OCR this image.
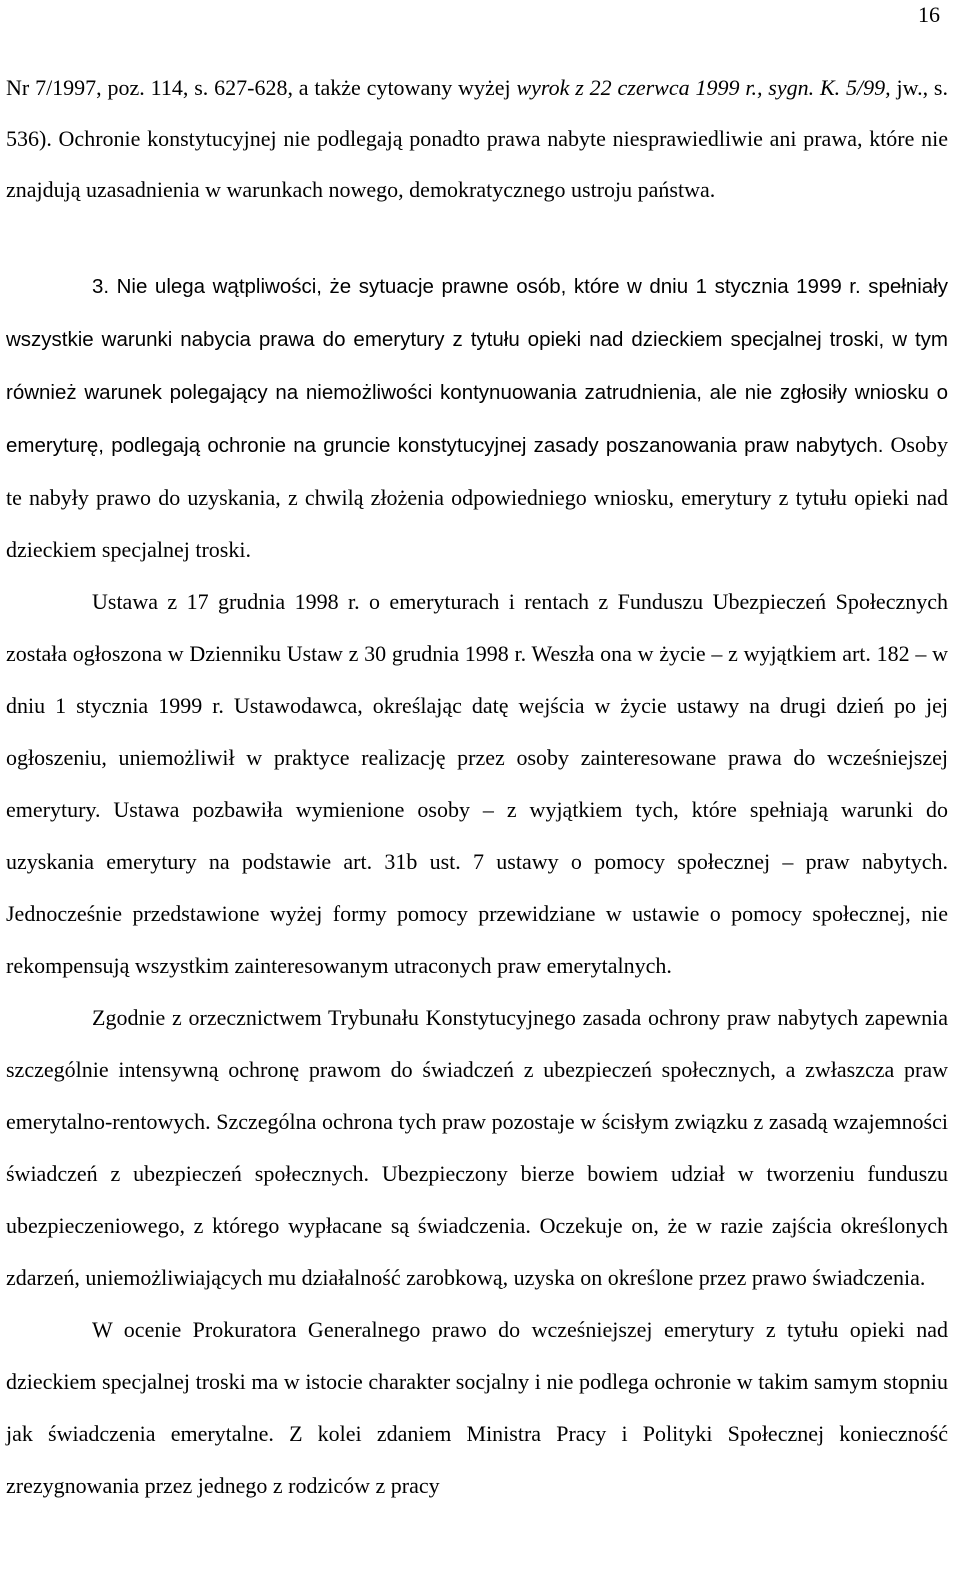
16

Nr 7/1997, poz. 114, s. 627-628, a także cytowany wyżej wyrok z 22 czerwca 1999 r., sygn. K. 5/99, jw., s. 536). Ochronie konstytucyjnej nie podlegają ponadto prawa nabyte niesprawiedliwie ani prawa, które nie znajdują uzasadnienia w warunkach nowego, demokratycznego ustroju państwa.

3. Nie ulega wątpliwości, że sytuacje prawne osób, które w dniu 1 stycznia 1999 r. spełniały wszystkie warunki nabycia prawa do emerytury z tytułu opieki nad dzieckiem specjalnej troski, w tym również warunek polegający na niemożliwości kontynuowania zatrudnienia, ale nie zgłosiły wniosku o emeryturę, podlegają ochronie na gruncie konstytucyjnej zasady poszanowania praw nabytych. Osoby te nabyły prawo do uzyskania, z chwilą złożenia odpowiedniego wniosku, emerytury z tytułu opieki nad dzieckiem specjalnej troski.

Ustawa z 17 grudnia 1998 r. o emeryturach i rentach z Funduszu Ubezpieczeń Społecznych została ogłoszona w Dzienniku Ustaw z 30 grudnia 1998 r. Weszła ona w życie – z wyjątkiem art. 182 – w dniu 1 stycznia 1999 r. Ustawodawca, określając datę wejścia w życie ustawy na drugi dzień po jej ogłoszeniu, uniemożliwił w praktyce realizację przez osoby zainteresowane prawa do wcześniejszej emerytury. Ustawa pozbawiła wymienione osoby – z wyjątkiem tych, które spełniają warunki do uzyskania emerytury na podstawie art. 31b ust. 7 ustawy o pomocy społecznej – praw nabytych. Jednocześnie przedstawione wyżej formy pomocy przewidziane w ustawie o pomocy społecznej, nie rekompensują wszystkim zainteresowanym utraconych praw emerytalnych.

Zgodnie z orzecznictwem Trybunału Konstytucyjnego zasada ochrony praw nabytych zapewnia szczególnie intensywną ochronę prawom do świadczeń z ubezpieczeń społecznych, a zwłaszcza praw emerytalno-rentowych. Szczególna ochrona tych praw pozostaje w ścisłym związku z zasadą wzajemności świadczeń z ubezpieczeń społecznych. Ubezpieczony bierze bowiem udział w tworzeniu funduszu ubezpieczeniowego, z którego wypłacane są świadczenia. Oczekuje on, że w razie zajścia określonych zdarzeń, uniemożliwiających mu działalność zarobkową, uzyska on określone przez prawo świadczenia.

W ocenie Prokuratora Generalnego prawo do wcześniejszej emerytury z tytułu opieki nad dzieckiem specjalnej troski ma w istocie charakter socjalny i nie podlega ochronie w takim samym stopniu jak świadczenia emerytalne. Z kolei zdaniem Ministra Pracy i Polityki Społecznej konieczność zrezygnowania przez jednego z rodziców z pracy
